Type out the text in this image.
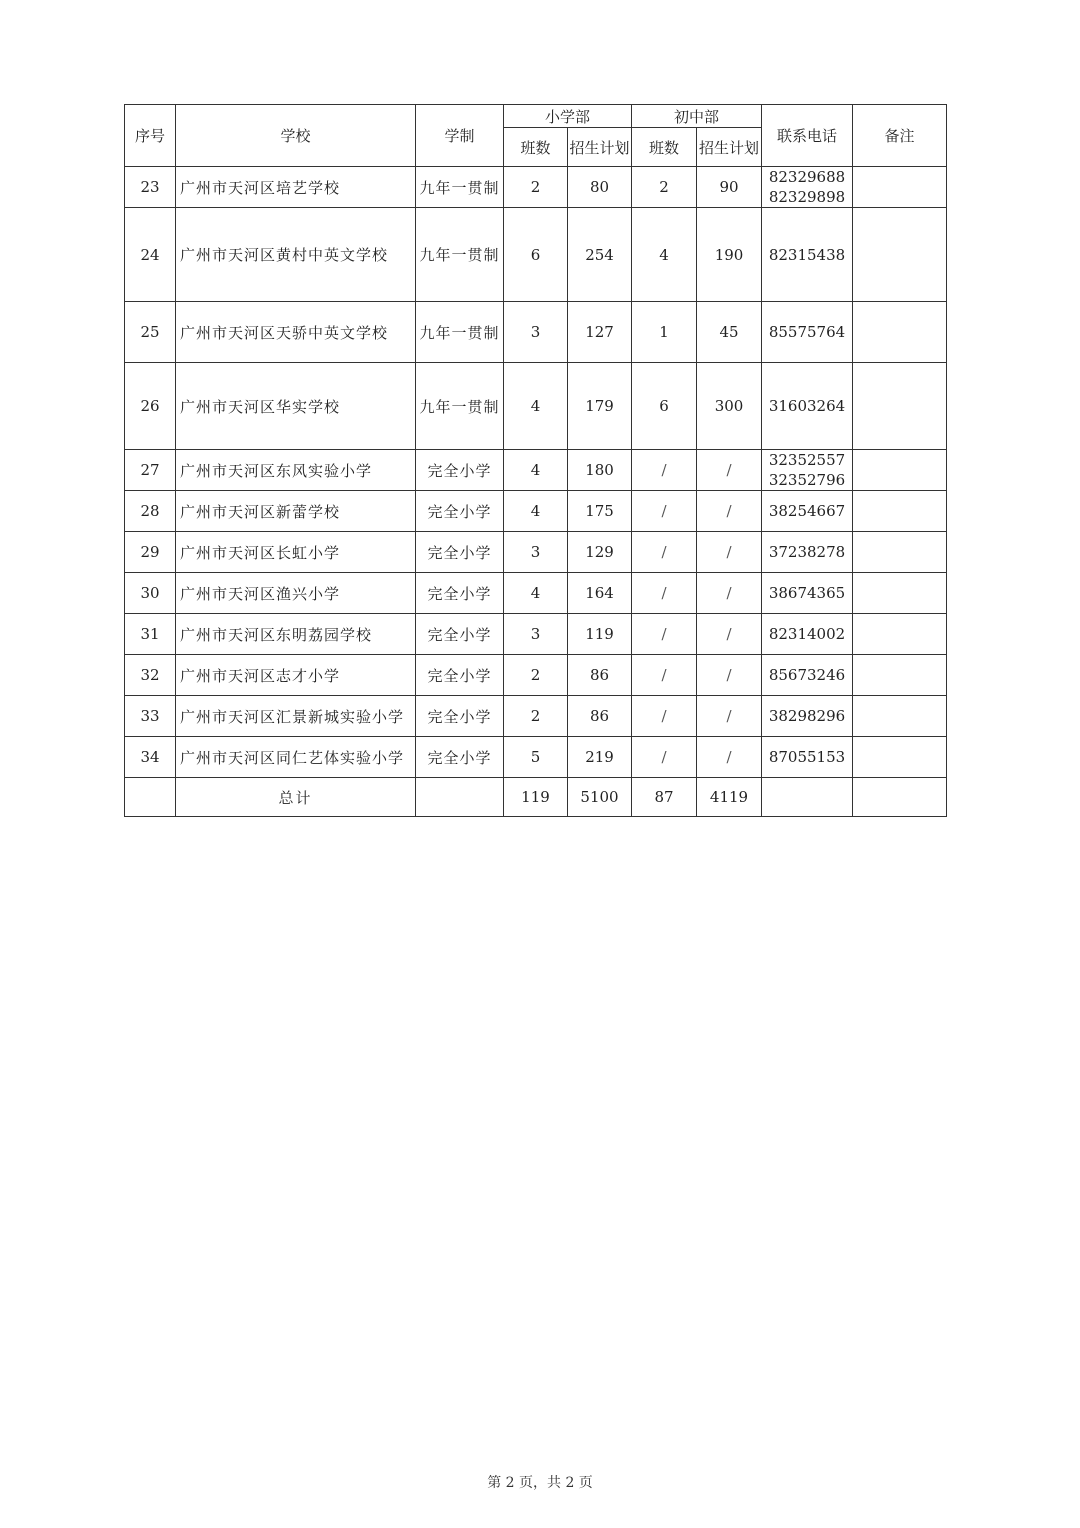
序号	学校	学制	小学部		初中部		联系电话	备注
			班数	招生计划	班数	招生计划		
23	广州市天河区培艺学校	九年一贯制	2	80	2	90	82329688
82329898	

24	广州市天河区黄村中英文学校	九年一贯制	6	254	4	190	82315438	

25	广州市天河区天骄中英文学校	九年一贯制	3	127	1	45	85575764	

26	广州市天河区华实学校	九年一贯制	4	179	6	300	31603264	

27	广州市天河区东风实验小学	完全小学	4	180	/	/	32352557
32352796	

28	广州市天河区新蕾学校	完全小学	4	175	/	/	38254667	

29	广州市天河区长虹小学	完全小学	3	129	/	/	37238278	

30	广州市天河区渔兴小学	完全小学	4	164	/	/	38674365	

31	广州市天河区东明荔园学校	完全小学	3	119	/	/	82314002	

32	广州市天河区志才小学	完全小学	2	86	/	/	85673246	

33	广州市天河区汇景新城实验小学	完全小学	2	86	/	/	38298296	

34	广州市天河区同仁艺体实验小学	完全小学	5	219	/	/	87055153	

	总计		119	5100	87	4119		
第 2 页，共 2 页
